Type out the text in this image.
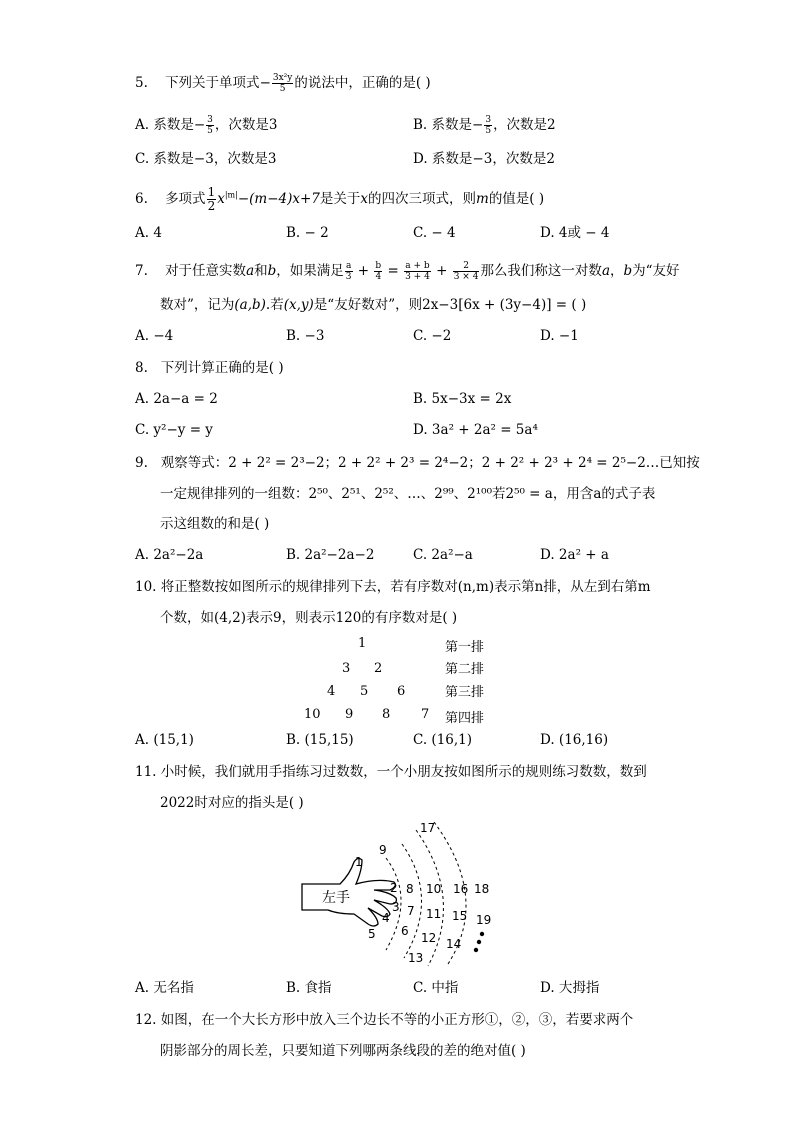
5. 下列关于单项式− $\frac{\text{3x²y}}{5}$ 的说法中，正确的是( )
A. 系数是− $\frac{3}{5}$ ，次数是3	B. 系数是− $\frac{3}{5}$ ，次数是2
C. 系数是−3，次数是3	D. 系数是−3，次数是2
6. 多项式 $\frac{1}{2} x^{|m|}-(m-4)x+7$是关于x的四次三项式，则m的值是( )
A. 4	B. − 2	C. − 4	D. 4或 − 4
7. 对于任意实数a和b，如果满足 $\frac{a}{3} + \frac{b}{4} = \frac{a + b}{3 + 4} + \frac{2}{3 \times 4}$ 那么我们称这一对数a，b为“友好
数对”，记为(a,b).若(x,y)是“友好数对”，则2x−3[6x + (3y−4)] = ( )
A. −4	B. −3	C. −2	D. −1
8. 下列计算正确的是( )
A. 2a−a = 2	B. 5x−3x = 2x
C. y²−y = y	D. 3a² + 2a² = 5a⁴
9. 观察等式：2 + 2² = 2³−2；2 + 2² + 2³ = 2⁴−2；2 + 2² + 2³ + 2⁴ = 2⁵−2…已知按
一定规律排列的一组数：2⁵⁰、2⁵¹、2⁵²、…、2⁹⁹、2¹⁰⁰若2⁵⁰ = a，用含a的式子表
示这组数的和是( )
A. 2a²−2a	B. 2a²−2a−2	C. 2a²−a	D. 2a² + a
10. 将正整数按如图所示的规律排列下去，若有序数对(n,m)表示第n排，从左到右第m
个数，如(4,2)表示9，则表示120的有序数对是( )
1
3 2
4 5 6
10 9 8 7
第一排
第二排
第三排
第四排
A. (15,1)	B. (15,15)	C. (16,1)	D. (16,16)
11. 小时候，我们就用手指练习过数数，一个小朋友按如图所示的规则练习数数，数到
2022时对应的指头是( )
左手
1
2
3
4
5 6
7
8
9
10
11
12
13
14
15
16
17
18
19
A. 无名指	B. 食指	C. 中指	D. 大拇指
12. 如图，在一个大长方形中放入三个边长不等的小正方形①，②，③，若要求两个
阴影部分的周长差，只要知道下列哪两条线段的差的绝对值( )
